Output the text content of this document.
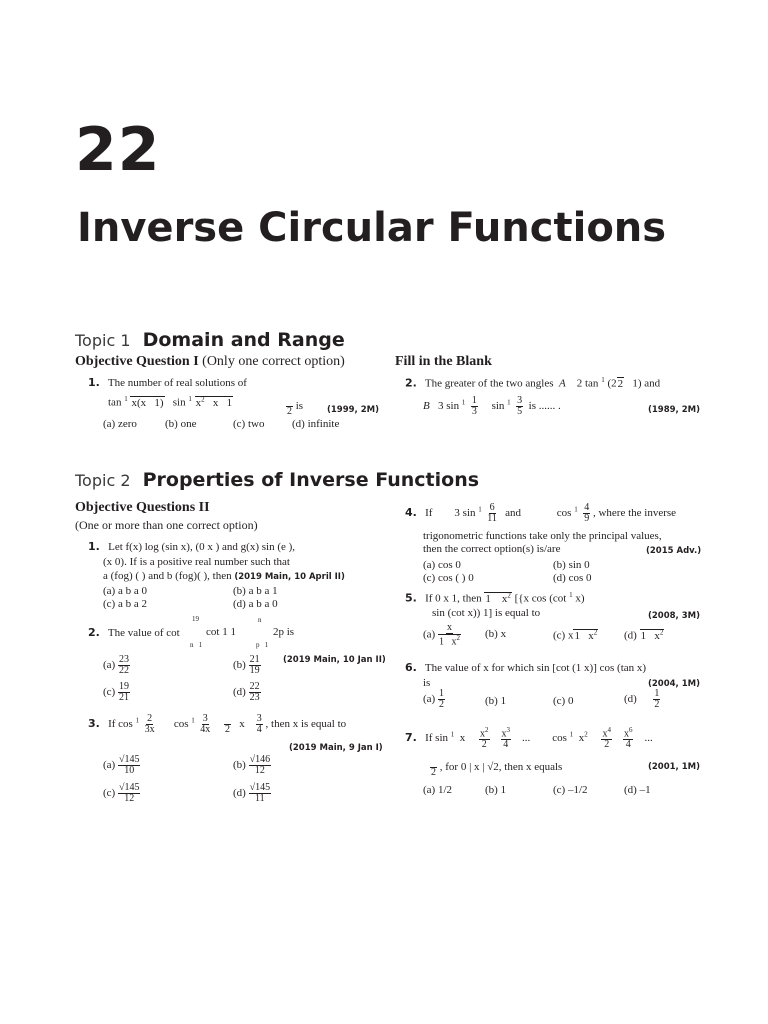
22
Inverse Circular Functions
Topic 1 Domain and Range
Objective Question I (Only one correct option)	Fill in the Blank
1. The number of real solutions of
tan $^1$ x(x   1)   sin $^1$ $x^2$   x   1

2 is	(1999, 2M)
(a) zero	(b) one	(c) two	(d) infinite
2. The greater of the two angles  A    2 tan $^1$ (22 1) and
B   3 $\sin ^1 \frac{1}{3}$ $\sin ^1 \frac{3}{5}$ is ...... .	(1989, 2M)
Topic 2 Properties of Inverse Functions
Objective Questions II
(One or more than one correct option)
1. Let f(x) log (sin x), (0 x ) and g(x) sin (e ),
(x 0). If is a positive real number such that
a (fog) ( ) and b (fog)( ), then (2019 Main, 10 April II)
(a) a b a 0	(b) a b a 1
(c) a b a 2	(d) a b a 0
19	n
2. The value of cot cot 1 1	2p is
n   1	p   1
(2019 Main, 10 Jan II)
$(a) \frac{23}{22}$	$(b) \frac{21}{19}$
$(c) \frac{19}{21}$	$(d) \frac{22}{23}$
3. If $\cos ^1 \frac{2}{3x}$ $\cos ^1 \frac{3}{4x}$

2 x $\frac{3}{4}$ , then x is equal to
(2019 Main, 9 Jan I)
$(a) \frac{√145}{10}$	$(b) \frac{√146}{12}$
$(c) \frac{√145}{12}$	$(d) \frac{√145}{11}$
4. If        3 $\sin ^1 \frac{6}{11}$ and             $\cos ^1 \frac{4}{9}$ , where the inverse
trigonometric functions take only the principal values,
then the correct option(s) is/are	(2015 Adv.)
(a) cos 0	(b) sin 0
(c) cos ( ) 0	(d) cos 0
5. If 0 x 1, then 1    $x^2$ [{x cos (cot $^1$ x)
sin (cot x)) 1] is equal to	(2008, 3M)
$(a) \frac{x}{1 x^2} (b)$ x	(c) x1   $x^2$ (d) 1   $x^2$
6. The value of x for which sin [cot (1 x)] cos (tan x)
is	(2004, 1M)
$(a) \frac{1}{2}$	(b) 1	(c) 0	$(d) \frac{1}{2}$
7. If sin $^1$  x $\frac{x^2}{2}$
$\frac{x^3}{4}$ ...        cos $^1$  $x^2 \frac{x^4}{2}$
$\frac{x^6}{4}$ ...

2 , for 0 | x | √2, then x equals	(2001, 1M)
(a) 1/2	(b) 1	(c) –1/2	(d) –1
